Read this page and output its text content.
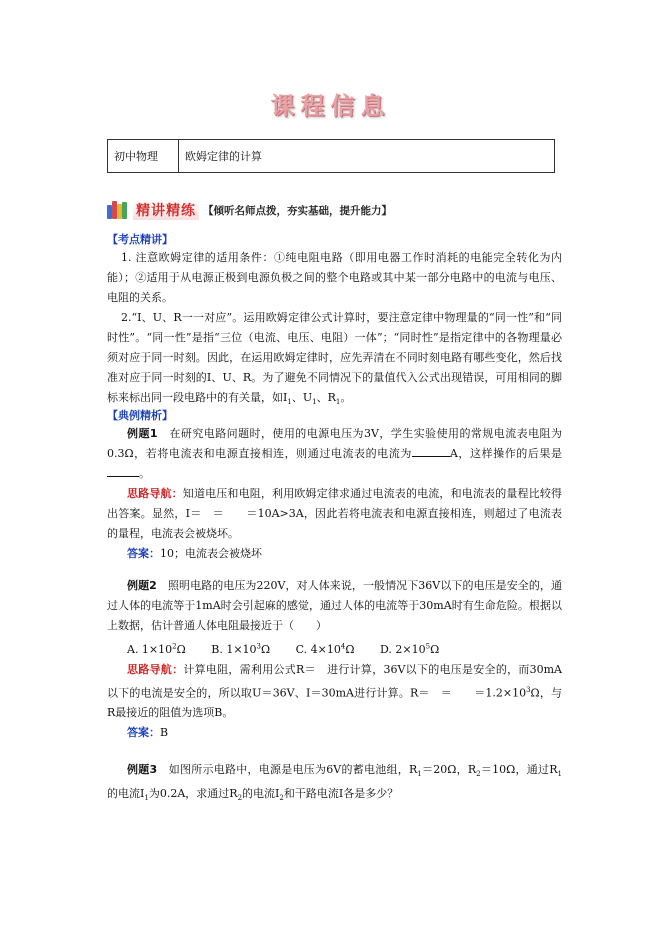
课程信息
初中物理	欧姆定律的计算
精讲精练 【倾听名师点拨，夯实基础，提升能力】
【考点精讲】

1. 注意欧姆定律的适用条件：①纯电阻电路（即用电器工作时消耗的电能完全转化为内能）；②适用于从电源正极到电源负极之间的整个电路或其中某一部分电路中的电流与电压、电阻的关系。

2.“I、U、R一一对应”。运用欧姆定律公式计算时，要注意定律中物理量的“同一性”和“同时性”。“同一性”是指“三位（电流、电压、电阻）一体”；“同时性”是指定律中的各物理量必须对应于同一时刻。因此，在运用欧姆定律时，应先弄清在不同时刻电路有哪些变化，然后找准对应于同一时刻的I、U、R。为了避免不同情况下的量值代入公式出现错误，可用相同的脚标来标出同一段电路中的有关量，如$I_1$、$U_1$、$R_1$。

【典例精析】

例题1　 在研究电路问题时，使用的电源电压为3V，学生实验使用的常规电流表电阻为0.3Ω，若将电流表和电源直接相连，则通过电流表的电流为	A，这样操作的后果是。

思路导航：知道电压和电阻，利用欧姆定律求通过电流表的电流，和电流表的量程比较得出答案。显然，I＝　＝　　＝10A>3A，因此若将电流表和电源直接相连，则超过了电流表的量程，电流表会被烧坏。

答案：10；电流表会被烧坏

例题2　 照明电路的电压为220V，对人体来说，一般情况下36V以下的电压是安全的，通过人体的电流等于1mA时会引起麻的感觉，通过人体的电流等于30mA时有生命危险。根据以上数据，估计普通人体电阻最接近于（　　）

A. $1\times 10^2\Omega$　　 B. $1\times 10^3\Omega$　　 C. $4\times 10^4\Omega$　　 D. $2\times 10^5\Omega$

思路导航：计算电阻，需利用公式R＝　进行计算，36V以下的电压是安全的，而30mA以下的电流是安全的，所以取U＝36V、I＝30mA进行计算。R＝　＝　　$=1.2\times 10^3\Omega$，与R最接近的阻值为选项B。

答案：B

例题3　 如图所示电路中，电源是电压为6V的蓄电池组，$R_1=20\Omega$，$R_2=10\Omega$，通过$R_1$的电流$I_1$为0.2A，求通过$R_2$的电流$I_2$和干路电流I各是多少？
